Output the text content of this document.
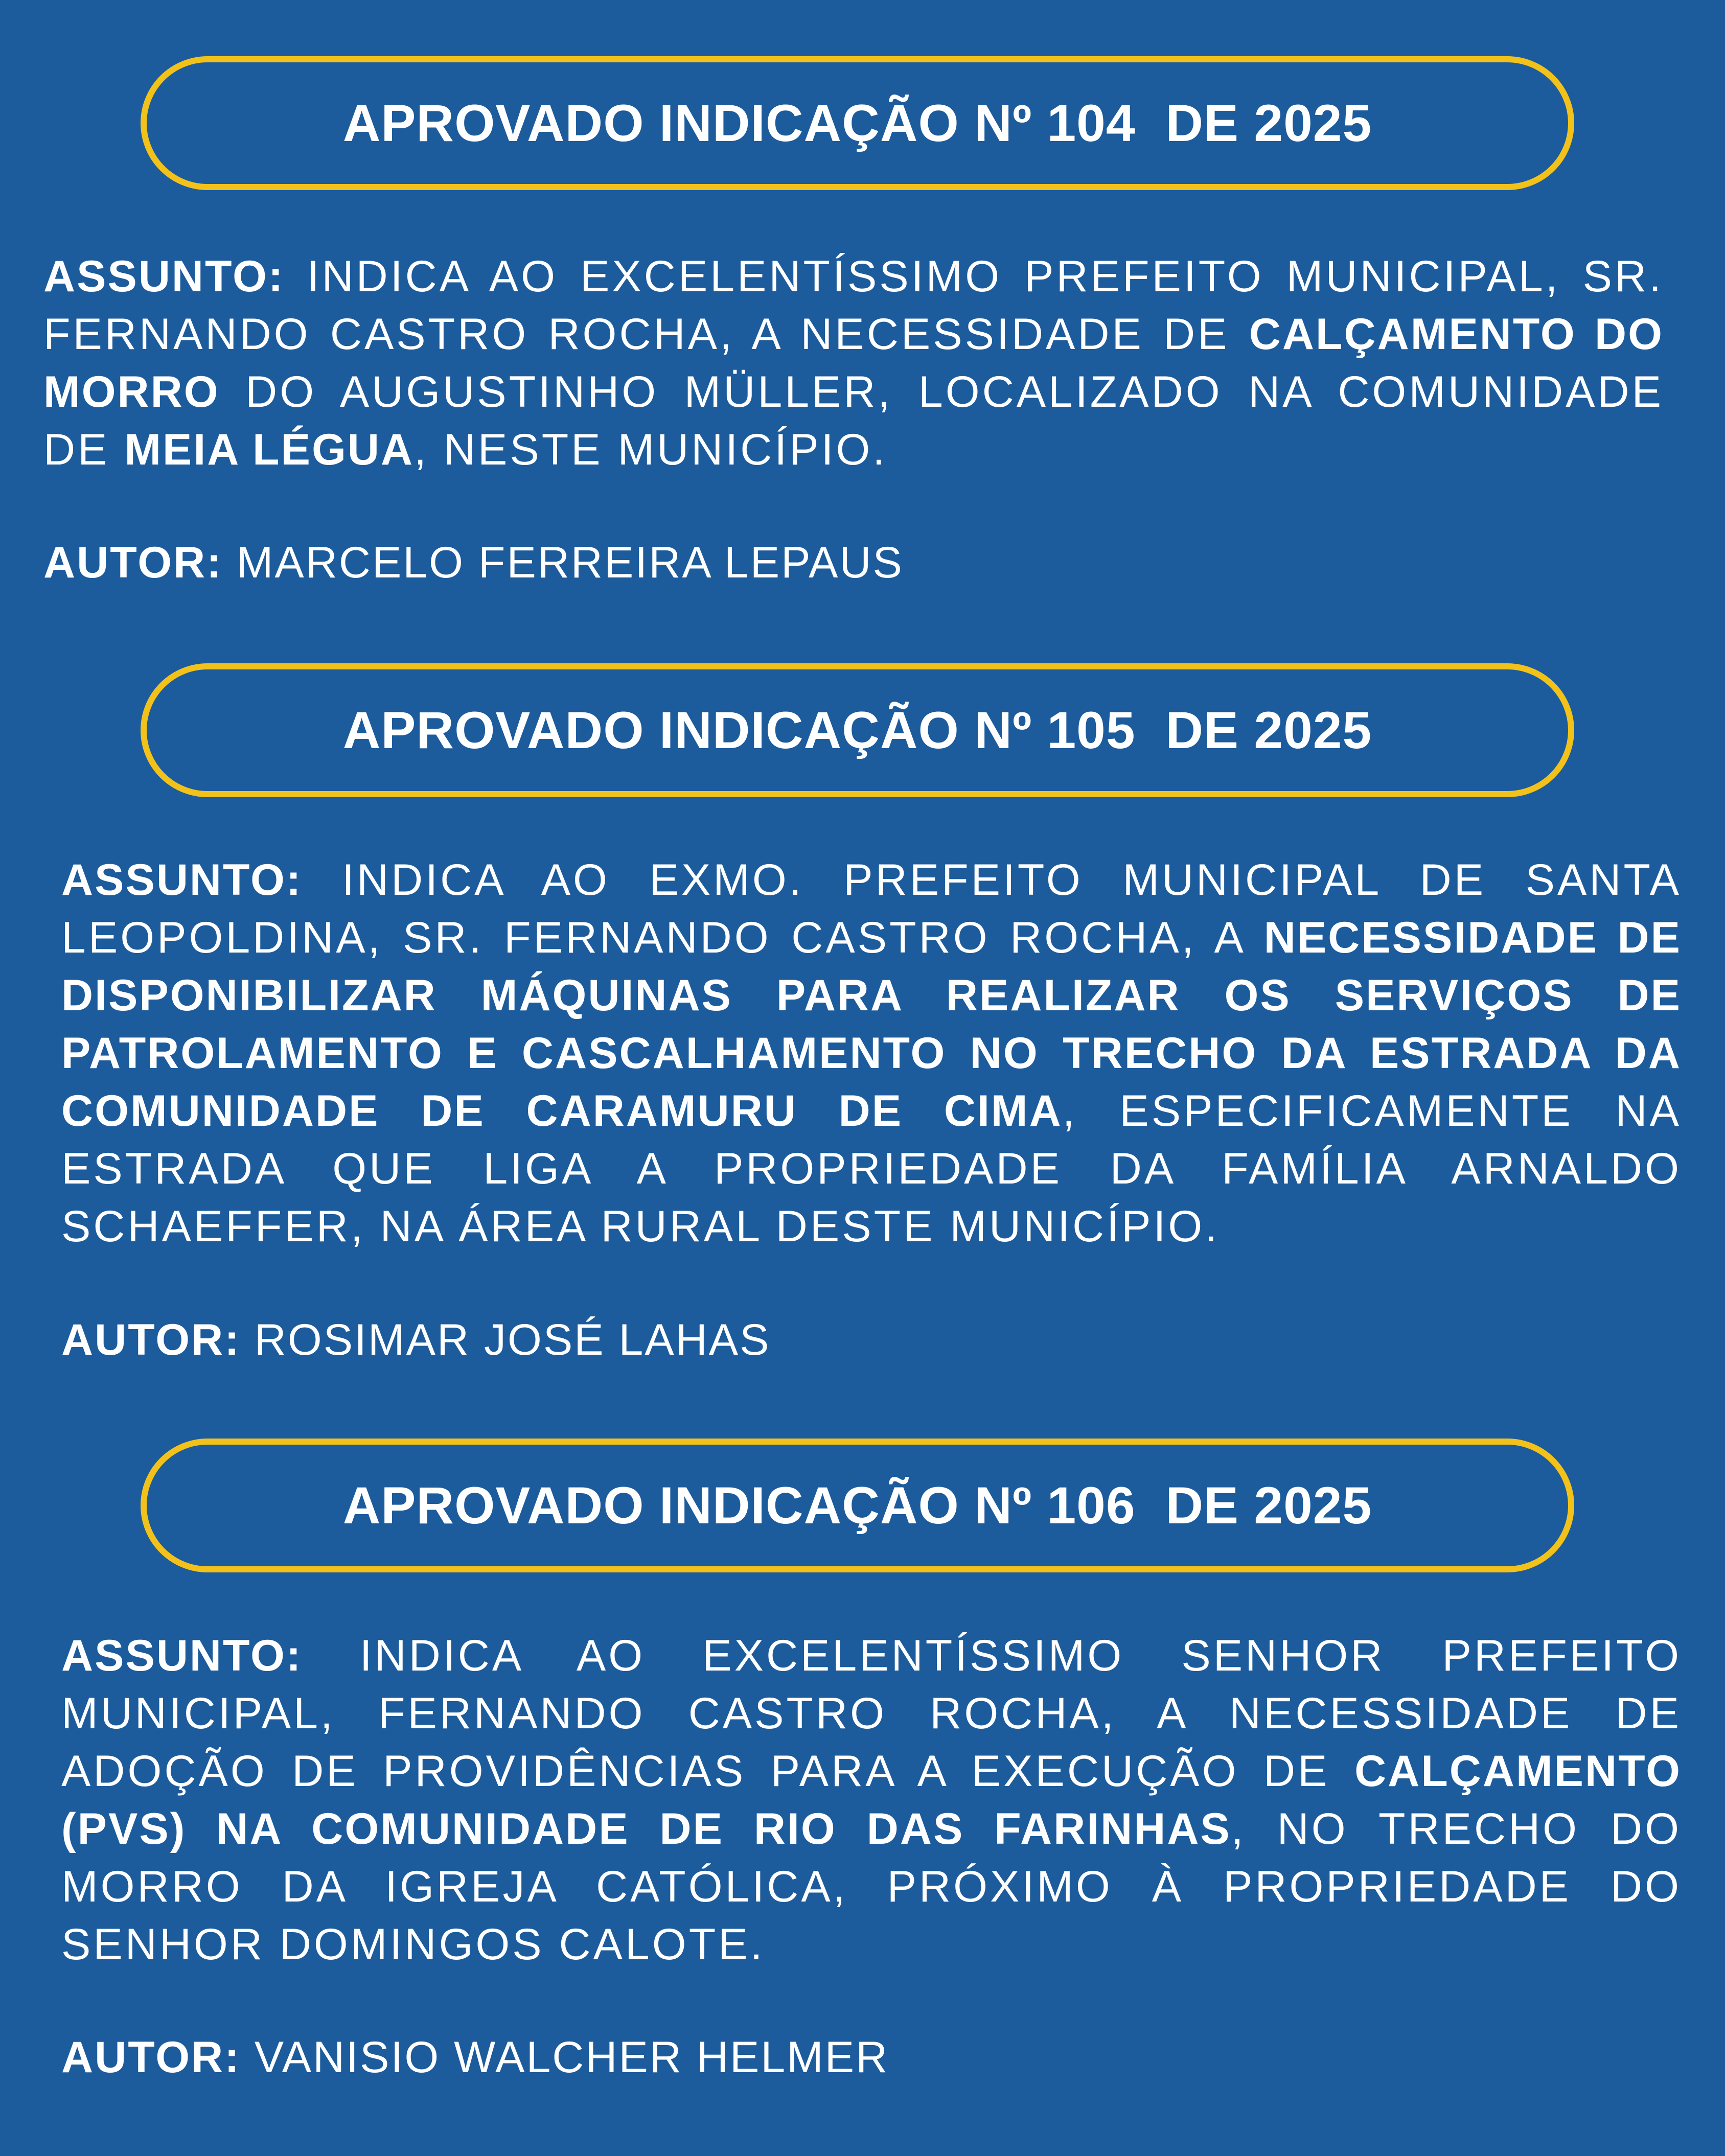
APROVADO INDICAÇÃO Nº 104  DE 2025

ASSUNTO: INDICA AO EXCELENTÍSSIMO PREFEITO MUNICIPAL, SR. FERNANDO CASTRO ROCHA, A NECESSIDADE DE CALÇAMENTO DO MORRO DO AUGUSTINHO MÜLLER, LOCALIZADO NA COMUNIDADE DE MEIA LÉGUA, NESTE MUNICÍPIO.

AUTOR: MARCELO FERREIRA LEPAUS

APROVADO INDICAÇÃO Nº 105  DE 2025

ASSUNTO: INDICA AO EXMO. PREFEITO MUNICIPAL DE SANTA LEOPOLDINA, SR. FERNANDO CASTRO ROCHA, A NECESSIDADE DE DISPONIBILIZAR MÁQUINAS PARA REALIZAR OS SERVIÇOS DE PATROLAMENTO E CASCALHAMENTO NO TRECHO DA ESTRADA DA COMUNIDADE DE CARAMURU DE CIMA, ESPECIFICAMENTE NA ESTRADA QUE LIGA A PROPRIEDADE DA FAMÍLIA ARNALDO SCHAEFFER, NA ÁREA RURAL DESTE MUNICÍPIO.

AUTOR: ROSIMAR JOSÉ LAHAS

APROVADO INDICAÇÃO Nº 106  DE 2025

ASSUNTO: INDICA AO EXCELENTÍSSIMO SENHOR PREFEITO MUNICIPAL, FERNANDO CASTRO ROCHA, A NECESSIDADE DE ADOÇÃO DE PROVIDÊNCIAS PARA A EXECUÇÃO DE CALÇAMENTO (PVS) NA COMUNIDADE DE RIO DAS FARINHAS, NO TRECHO DO MORRO DA IGREJA CATÓLICA, PRÓXIMO À PROPRIEDADE DO SENHOR DOMINGOS CALOTE.

AUTOR: VANISIO WALCHER HELMER
